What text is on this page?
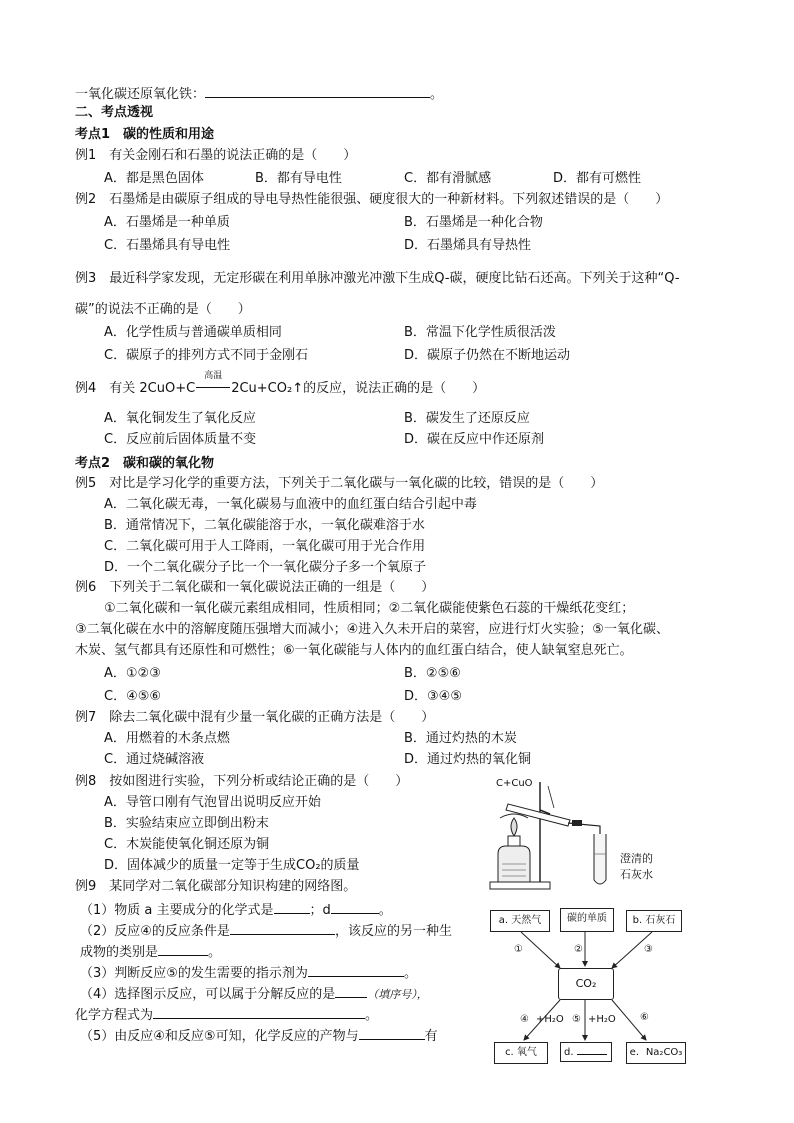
一氧化碳还原氧化铁：	。
二、考点透视
考点1　碳的性质和用途
例1　有关金刚石和石墨的说法正确的是（　　）
A．都是黑色固体	B．都有导电性	C．都有滑腻感	D．都有可燃性
例2　石墨烯是由碳原子组成的导电导热性能很强、硬度很大的一种新材料。下列叙述错误的是（　　）
A．石墨烯是一种单质	B．石墨烯是一种化合物
C．石墨烯具有导电性	D．石墨烯具有导热性
例3　最近科学家发现，无定形碳在利用单脉冲激光冲激下生成Q-碳，硬度比钻石还高。下列关于这种“Q-
碳”的说法不正确的是（　　）
A．化学性质与普通碳单质相同	B．常温下化学性质很活泼
C．碳原子的排列方式不同于金刚石	D．碳原子仍然在不断地运动
例4　有关 2CuO+C
高温
2Cu+CO₂↑的反应，说法正确的是（　　）
A．氧化铜发生了氧化反应	B．碳发生了还原反应
C．反应前后固体质量不变	D．碳在反应中作还原剂
考点2　碳和碳的氧化物
例5　对比是学习化学的重要方法，下列关于二氧化碳与一氧化碳的比较，错误的是（　　）
A．二氧化碳无毒，一氧化碳易与血液中的血红蛋白结合引起中毒
B．通常情况下，二氧化碳能溶于水，一氧化碳难溶于水
C．二氧化碳可用于人工降雨，一氧化碳可用于光合作用
D．一个二氧化碳分子比一个一氧化碳分子多一个氧原子
例6　下列关于二氧化碳和一氧化碳说法正确的一组是（　　）
①二氧化碳和一氧化碳元素组成相同，性质相同；②二氧化碳能使紫色石蕊的干燥纸花变红；
③二氧化碳在水中的溶解度随压强增大而减小；④进入久未开启的菜窖，应进行灯火实验；⑤一氧化碳、
木炭、氢气都具有还原性和可燃性；⑥一氧化碳能与人体内的血红蛋白结合，使人缺氧窒息死亡。
A．①②③	B．②⑤⑥
C．④⑤⑥	D．③④⑤
例7　除去二氧化碳中混有少量一氧化碳的正确方法是（　　）
A．用燃着的木条点燃	B．通过灼热的木炭
C．通过烧碱溶液	D．通过灼热的氧化铜
例8　按如图进行实验，下列分析或结论正确的是（　　）
A．导管口刚有气泡冒出说明反应开始
B．实验结束应立即倒出粉末
C．木炭能使氧化铜还原为铜
D．固体减少的质量一定等于生成CO₂的质量
C+CuO
澄清的
石灰水
例9　某同学对二氧化碳部分知识构建的网络图。
（1）物质 a 主要成分的化学式是	；d	。
（2）反应④的反应条件是	，该反应的另一种生
成物的类别是	。
（3）判断反应⑤的发生需要的指示剂为	。
（4）选择图示反应，可以属于分解反应的是	（填序号），
化学方程式为	。
（5）由反应④和反应⑤可知，化学反应的产物与	有
a. 天然气	碳的单质	b. 石灰石
CO₂
c. 氧气	d.	e．Na₂CO₃
①	②	③
④ +H₂O ⑤ +H₂O ⑥
